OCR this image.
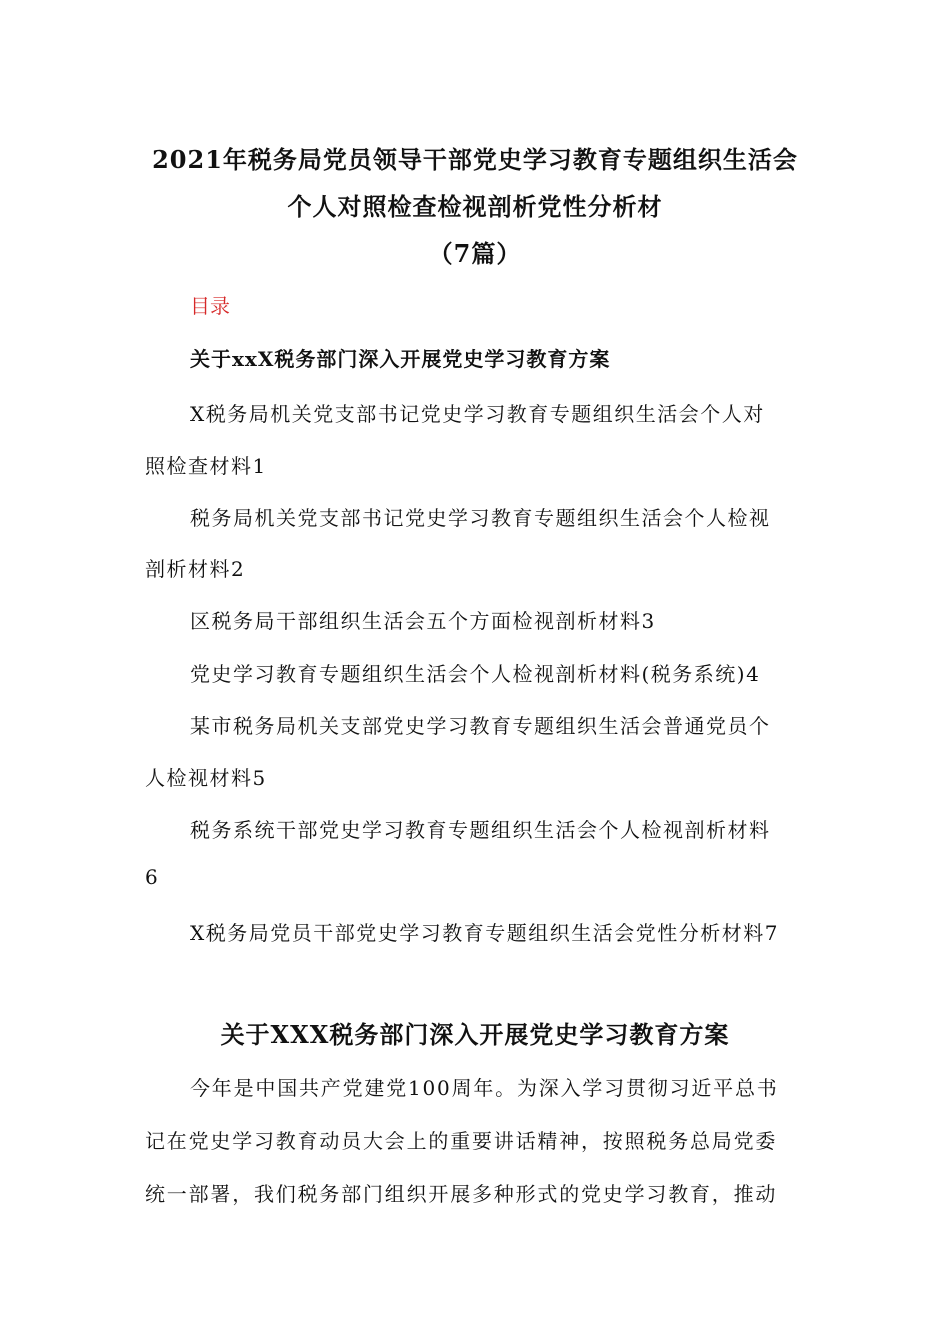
2021年税务局党员领导干部党史学习教育专题组织生活会
个人对照检查检视剖析党性分析材
（7篇）
目录
关于xxX税务部门深入开展党史学习教育方案
X税务局机关党支部书记党史学习教育专题组织生活会个人对
照检查材料1
税务局机关党支部书记党史学习教育专题组织生活会个人检视
剖析材料2
区税务局干部组织生活会五个方面检视剖析材料3
党史学习教育专题组织生活会个人检视剖析材料(税务系统)4
某市税务局机关支部党史学习教育专题组织生活会普通党员个
人检视材料5
税务系统干部党史学习教育专题组织生活会个人检视剖析材料
6
X税务局党员干部党史学习教育专题组织生活会党性分析材料7
关于XXX税务部门深入开展党史学习教育方案
今年是中国共产党建党100周年。为深入学习贯彻习近平总书
记在党史学习教育动员大会上的重要讲话精神，按照税务总局党委
统一部署，我们税务部门组织开展多种形式的党史学习教育，推动
